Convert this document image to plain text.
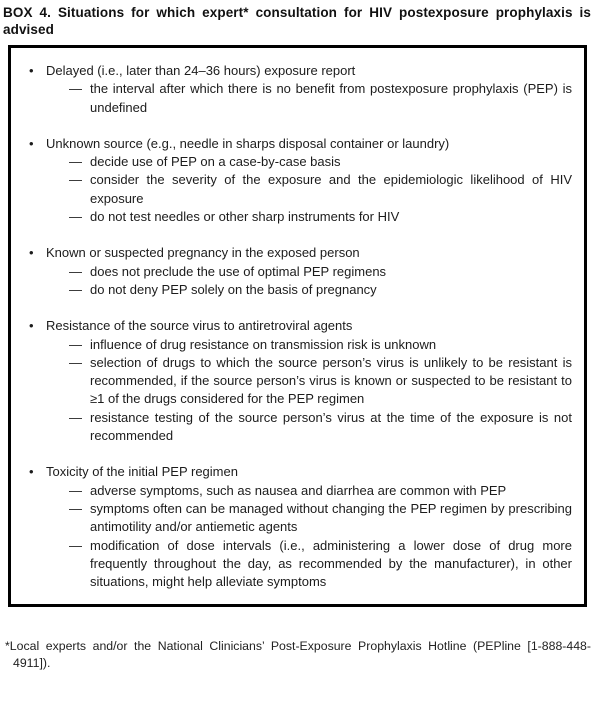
BOX 4. Situations for which expert* consultation for HIV postexposure prophylaxis is advised
• Delayed (i.e., later than 24–36 hours) exposure report
— the interval after which there is no benefit from postexposure prophylaxis (PEP) is undefined
• Unknown source (e.g., needle in sharps disposal container or laundry)
— decide use of PEP on a case-by-case basis
— consider the severity of the exposure and the epidemiologic likelihood of HIV exposure
— do not test needles or other sharp instruments for HIV
• Known or suspected pregnancy in the exposed person
— does not preclude the use of optimal PEP regimens
— do not deny PEP solely on the basis of pregnancy
• Resistance of the source virus to antiretroviral agents
— influence of drug resistance on transmission risk is unknown
— selection of drugs to which the source person’s virus is unlikely to be resistant is recommended, if the source person’s virus is known or suspected to be resistant to ≥1 of the drugs considered for the PEP regimen
— resistance testing of the source person’s virus at the time of the exposure is not recommended
• Toxicity of the initial PEP regimen
— adverse symptoms, such as nausea and diarrhea are common with PEP
— symptoms often can be managed without changing the PEP regimen by prescribing antimotility and/or antiemetic agents
— modification of dose intervals (i.e., administering a lower dose of drug more frequently throughout the day, as recommended by the manufacturer), in other situations, might help alleviate symptoms

*Local experts and/or the National Clinicians’ Post-Exposure Prophylaxis Hotline (PEPline [1-888-448-4911]).
